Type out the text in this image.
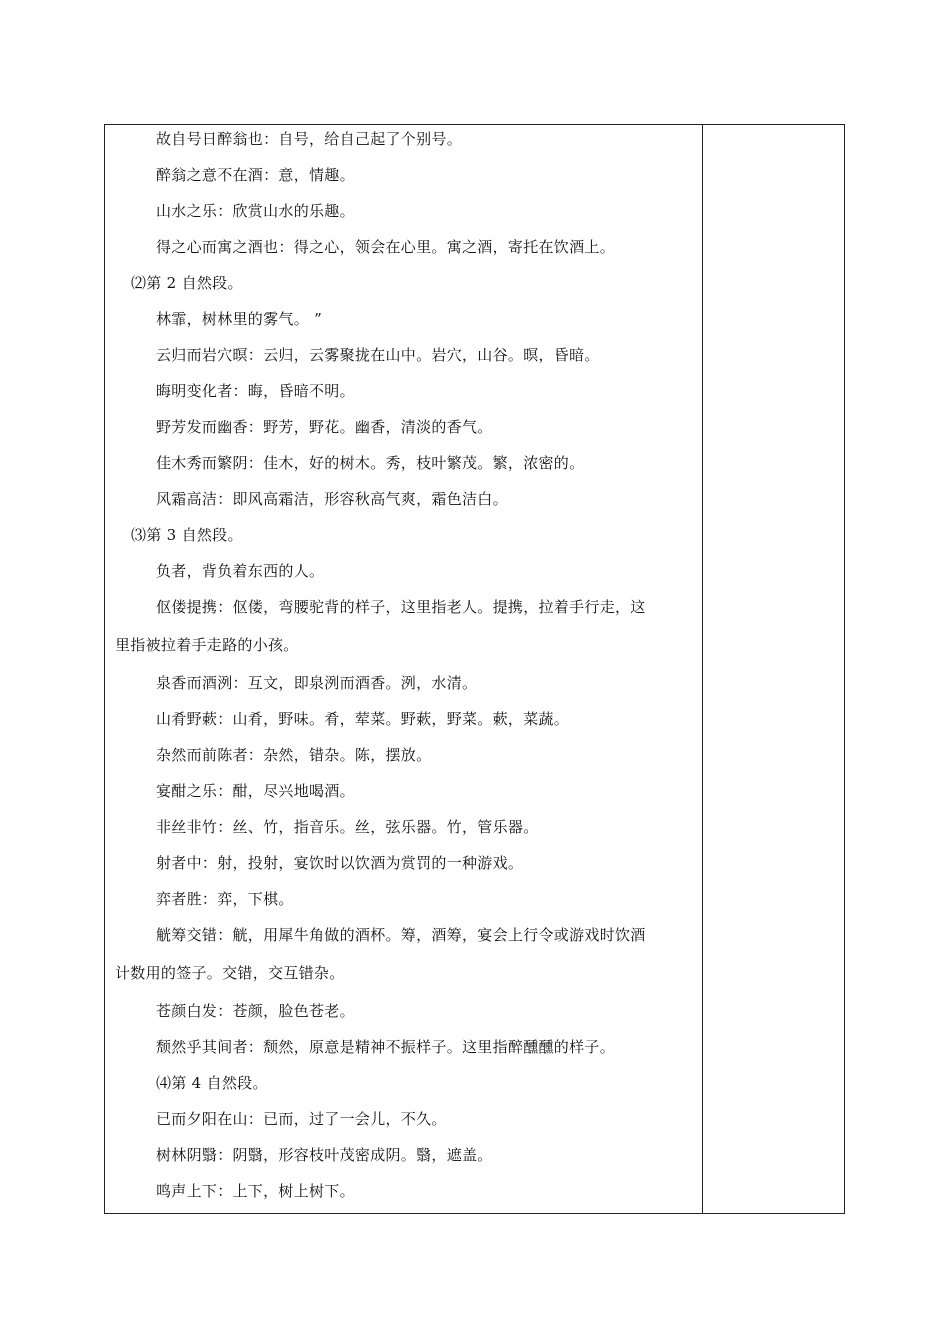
故自号日醉翁也：自号，给自己起了个别号。
醉翁之意不在酒：意，情趣。
山水之乐：欣赏山水的乐趣。
得之心而寓之酒也：得之心，领会在心里。寓之酒，寄托在饮酒上。
⑵第 2 自然段。
林霏，树林里的雾气。 ”
云归而岩穴暝：云归，云雾聚拢在山中。岩穴，山谷。暝，昏暗。
晦明变化者：晦，昏暗不明。
野芳发而幽香：野芳，野花。幽香，清淡的香气。
佳木秀而繁阴：佳木，好的树木。秀，枝叶繁茂。繁，浓密的。
风霜高洁：即风高霜洁，形容秋高气爽，霜色洁白。
⑶第 3 自然段。
负者，背负着东西的人。
伛偻提携：伛偻，弯腰驼背的样子，这里指老人。提携，拉着手行走，这
里指被拉着手走路的小孩。
泉香而酒洌：互文，即泉洌而酒香。洌，水清。
山肴野蔌：山肴，野味。肴，荤菜。野蔌，野菜。蔌，菜蔬。
杂然而前陈者：杂然，错杂。陈，摆放。
宴酣之乐：酣，尽兴地喝酒。
非丝非竹：丝、竹，指音乐。丝，弦乐器。竹，管乐器。
射者中：射，投射，宴饮时以饮酒为赏罚的一种游戏。
弈者胜：弈，下棋。
觥筹交错：觥，用犀牛角做的酒杯。筹，酒筹，宴会上行令或游戏时饮酒
计数用的签子。交错，交互错杂。
苍颜白发：苍颜，脸色苍老。
颓然乎其间者：颓然，原意是精神不振样子。这里指醉醺醺的样子。
⑷第 4 自然段。
已而夕阳在山：已而，过了一会儿，不久。
树林阴翳：阴翳，形容枝叶茂密成阴。翳，遮盖。
鸣声上下：上下，树上树下。
